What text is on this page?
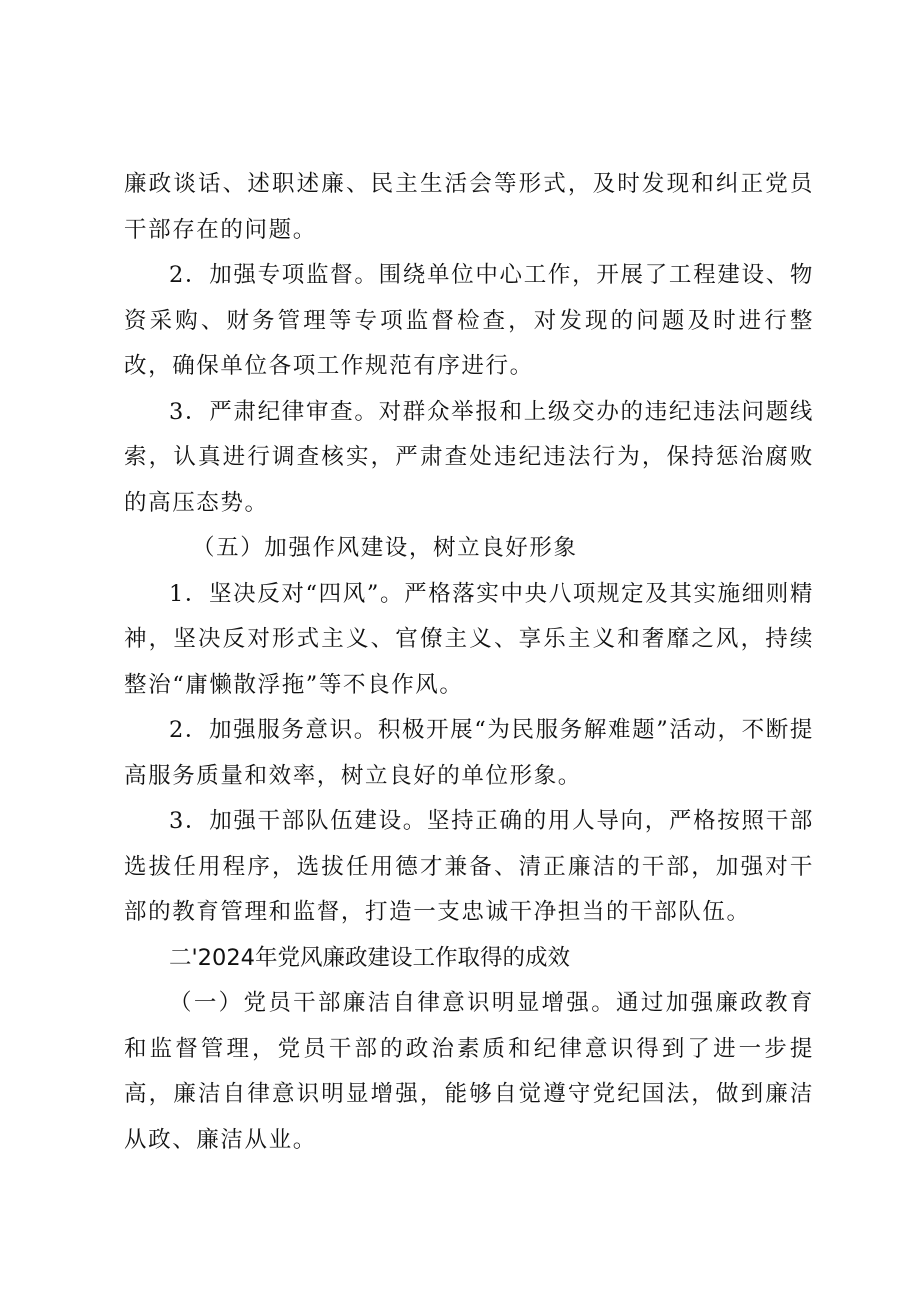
廉政谈话、述职述廉、民主生活会等形式，及时发现和纠正党员干部存在的问题。

2．加强专项监督。围绕单位中心工作，开展了工程建设、物资采购、财务管理等专项监督检查，对发现的问题及时进行整改，确保单位各项工作规范有序进行。

3．严肃纪律审查。对群众举报和上级交办的违纪违法问题线索，认真进行调查核实，严肃查处违纪违法行为，保持惩治腐败的高压态势。

（五）加强作风建设，树立良好形象

1．坚决反对“四风”。严格落实中央八项规定及其实施细则精神，坚决反对形式主义、官僚主义、享乐主义和奢靡之风，持续整治“庸懒散浮拖”等不良作风。

2．加强服务意识。积极开展“为民服务解难题”活动，不断提高服务质量和效率，树立良好的单位形象。

3．加强干部队伍建设。坚持正确的用人导向，严格按照干部选拔任用程序，选拔任用德才兼备、清正廉洁的干部，加强对干部的教育管理和监督，打造一支忠诚干净担当的干部队伍。

二'2024年党风廉政建设工作取得的成效

（一）党员干部廉洁自律意识明显增强。通过加强廉政教育和监督管理，党员干部的政治素质和纪律意识得到了进一步提高，廉洁自律意识明显增强，能够自觉遵守党纪国法，做到廉洁从政、廉洁从业。
